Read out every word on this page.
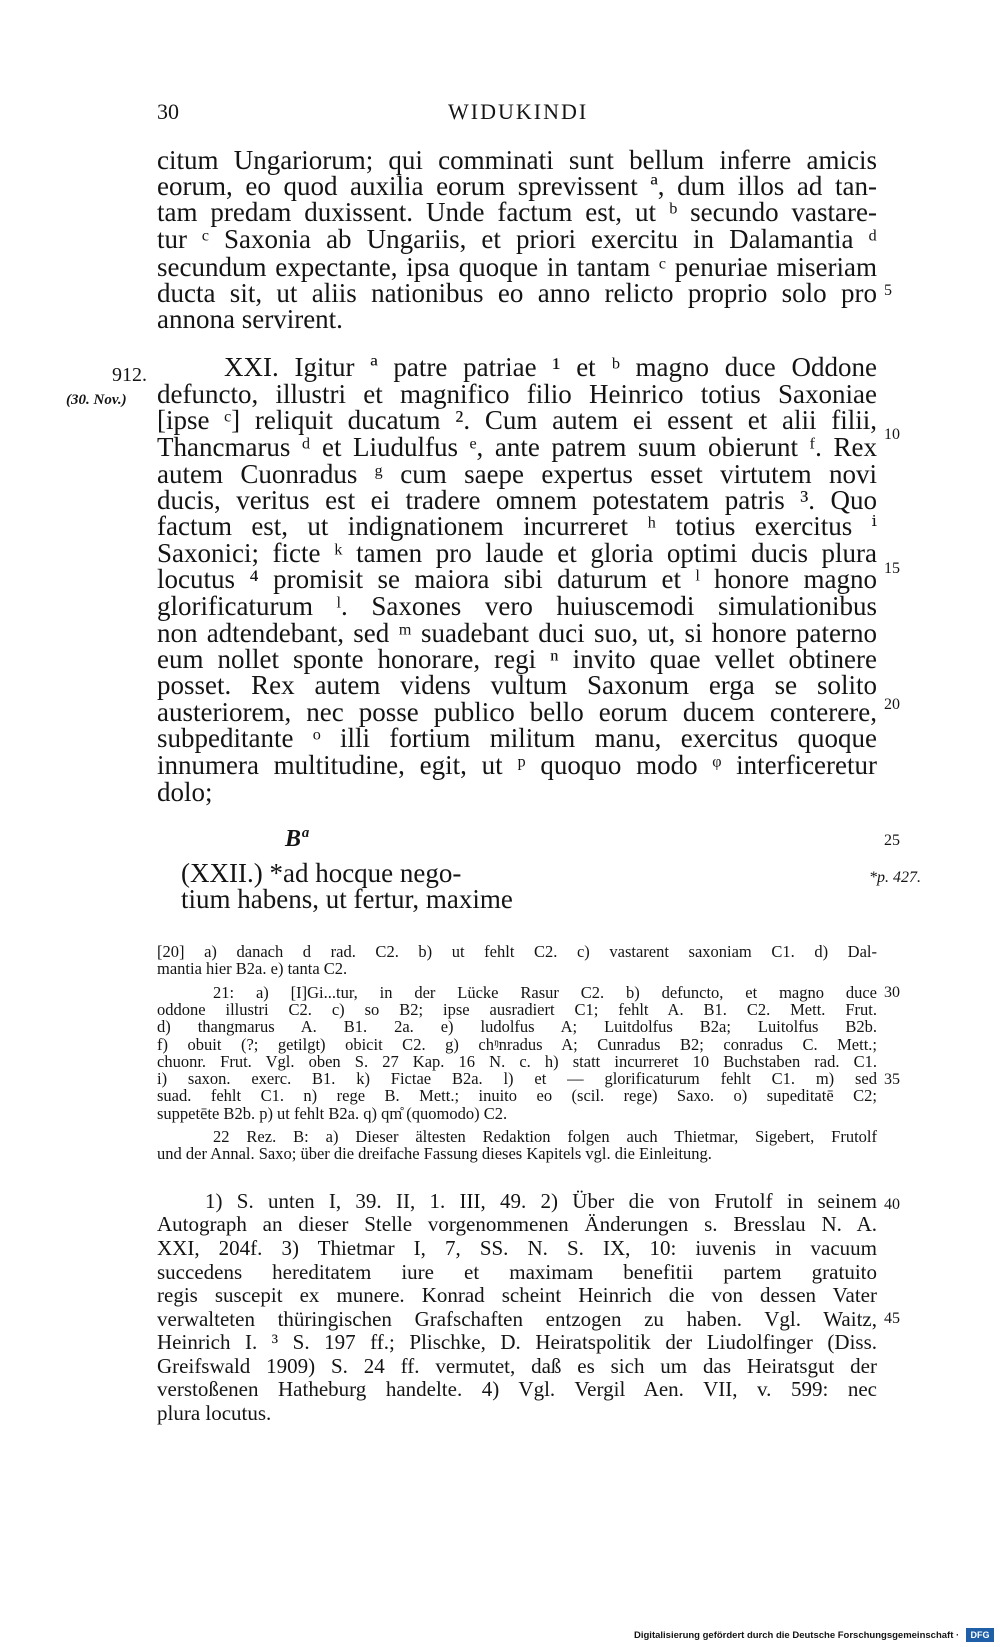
30	WIDUKINDI
citum Ungariorum; qui comminati sunt bellum inferre amicis
eorum, eo quod auxilia eorum sprevissent ª, dum illos ad tan-
tam predam duxissent. Unde factum est, ut ᵇ secundo vastare-
tur ᶜ Saxonia ab Ungariis, et priori exercitu in Dalamantia ᵈ
secundum expectante, ipsa quoque in tantam ᶜ penuriae miseriam
ducta sit, ut aliis nationibus eo anno relicto proprio solo pro
annona servirent.
XXI. Igitur ª patre patriae ¹ et ᵇ magno duce Oddone
defuncto, illustri et magnifico filio Heinrico totius Saxoniae
[ipse ᶜ] reliquit ducatum ². Cum autem ei essent et alii filii,
Thancmarus ᵈ et Liudulfus ᵉ, ante patrem suum obierunt ᶠ. Rex
autem Cuonradus ᵍ cum saepe expertus esset virtutem novi
ducis, veritus est ei tradere omnem potestatem patris ³. Quo
factum est, ut indignationem incurreret ʰ totius exercitus ⁱ
Saxonici; ficte ᵏ tamen pro laude et gloria optimi ducis plura
locutus ⁴ promisit se maiora sibi daturum et ˡ honore magno
glorificaturum ˡ. Saxones vero huiuscemodi simulationibus
non adtendebant, sed ᵐ suadebant duci suo, ut, si honore paterno
eum nollet sponte honorare, regi ⁿ invito quae vellet obtinere
posset. Rex autem videns vultum Saxonum erga se solito
austeriorem, nec posse publico bello eorum ducem conterere,
subpeditante ᵒ illi fortium militum manu, exercitus quoque
innumera multitudine, egit, ut ᵖ quoquo modo ᵠ interficeretur
dolo;
912.
(30. Nov.)
5
10
15
20
25
Bª
(XXII.) *ad hocque nego-
tium habens, ut fertur, maxime
*p. 427.
[20] a) danach d rad. C2. b) ut fehlt C2. c) vastarent saxoniam C1. d) Dal-
mantia hier B2a. e) tanta C2.
21: a) [I]Gi...tur, in der Lücke Rasur C2. b) defuncto, et magno duce
oddone illustri C2. c) so B2; ipse ausradiert C1; fehlt A. B1. C2. Mett. Frut.
d) thangmarus A. B1. 2a. e) ludolfus A; Luitdolfus B2a; Luitolfus B2b.
f) obuit (?; getilgt) obicit C2. g) chᵑnradus A; Cunradus B2; conradus C. Mett.;
chuonr. Frut. Vgl. oben S. 27 Kap. 16 N. c. h) statt incurreret 10 Buchstaben rad. C1.
i) saxon. exerc. B1. k) Fictae B2a. l) et — glorificaturum fehlt C1. m) sed
suad. fehlt C1. n) rege B. Mett.; inuito eo (scil. rege) Saxo. o) supeditatē C2;
suppetēte B2b. p) ut fehlt B2a. q) qm̊ (quomodo) C2.
22 Rez. B: a) Dieser ältesten Redaktion folgen auch Thietmar, Sigebert, Frutolf
und der Annal. Saxo; über die dreifache Fassung dieses Kapitels vgl. die Einleitung.
30
35
1) S. unten I, 39. II, 1. III, 49. 2) Über die von Frutolf in seinem
Autograph an dieser Stelle vorgenommenen Änderungen s. Bresslau N. A.
XXI, 204f. 3) Thietmar I, 7, SS. N. S. IX, 10: iuvenis in vacuum
succedens hereditatem iure et maximam benefitii partem gratuito
regis suscepit ex munere. Konrad scheint Heinrich die von dessen Vater
verwalteten thüringischen Grafschaften entzogen zu haben. Vgl. Waitz,
Heinrich I. ³ S. 197 ff.; Plischke, D. Heiratspolitik der Liudolfinger (Diss.
Greifswald 1909) S. 24 ff. vermutet, daß es sich um das Heiratsgut der
verstoßenen Hatheburg handelte. 4) Vgl. Vergil Aen. VII, v. 599: nec
plura locutus.
40
45
Digitalisierung gefördert durch die Deutsche Forschungsgemeinschaft ·	DFG
